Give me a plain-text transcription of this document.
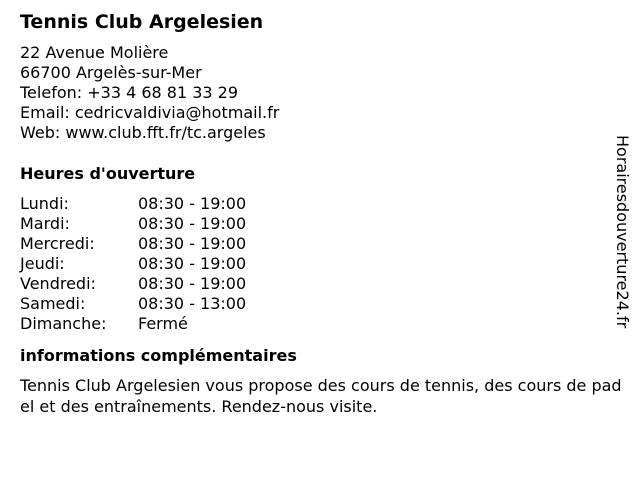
Tennis Club Argelesien
22 Avenue Molière
66700 Argelès-sur-Mer
Telefon: +33 4 68 81 33 29
Email: cedricvaldivia@hotmail.fr
Web: www.club.fft.fr/tc.argeles
Heures d'ouverture
Lundi:	08:30 - 19:00
Mardi:	08:30 - 19:00
Mercredi:	08:30 - 19:00
Jeudi:	08:30 - 19:00
Vendredi:	08:30 - 19:00
Samedi:	08:30 - 13:00
Dimanche:	Fermé
informations complémentaires
Tennis Club Argelesien vous propose des cours de tennis, des cours de padel et des entraînements. Rendez-nous visite.
Horairesdouverture24.fr
